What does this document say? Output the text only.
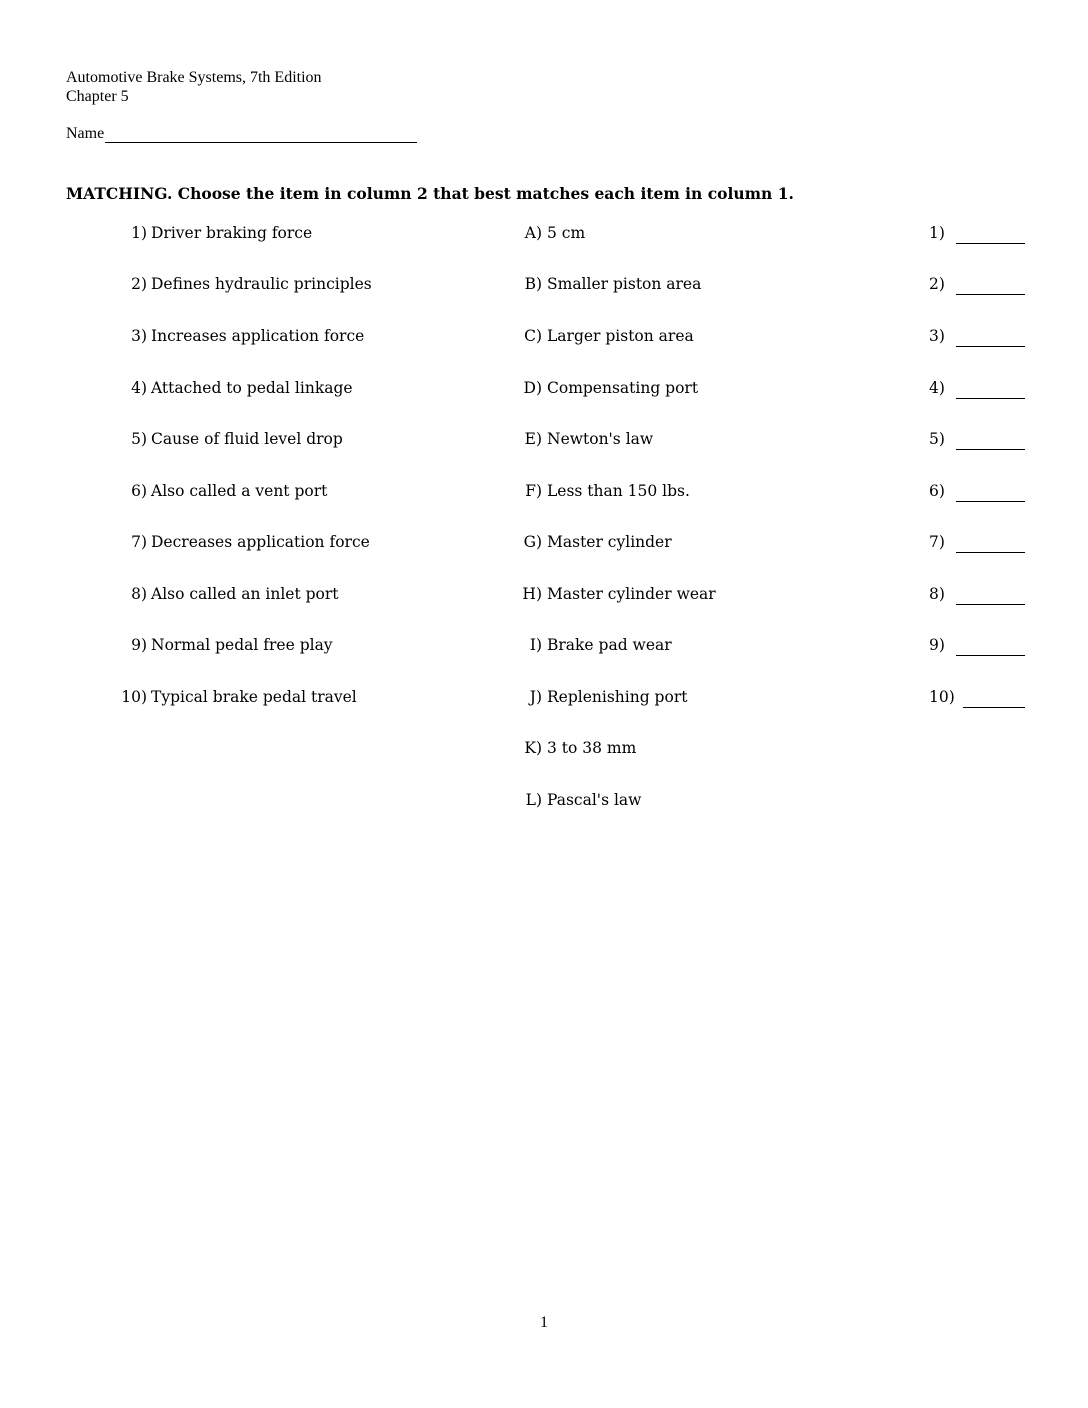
Automotive Brake Systems, 7th Edition
Chapter 5
Name
MATCHING. Choose the item in column 2 that best matches each item in column 1.
1) Driver braking force	A) 5 cm	1)
2) Defines hydraulic principles	B) Smaller piston area	2)
3) Increases application force	C) Larger piston area	3)
4) Attached to pedal linkage	D) Compensating port	4)
5) Cause of fluid level drop	E) Newton's law	5)
6) Also called a vent port	F) Less than 150 lbs.	6)
7) Decreases application force	G) Master cylinder	7)
8) Also called an inlet port	H) Master cylinder wear	8)
9) Normal pedal free play	I) Brake pad wear	9)
10) Typical brake pedal travel	J) Replenishing port	10)
K) 3 to 38 mm
L) Pascal's law
1
